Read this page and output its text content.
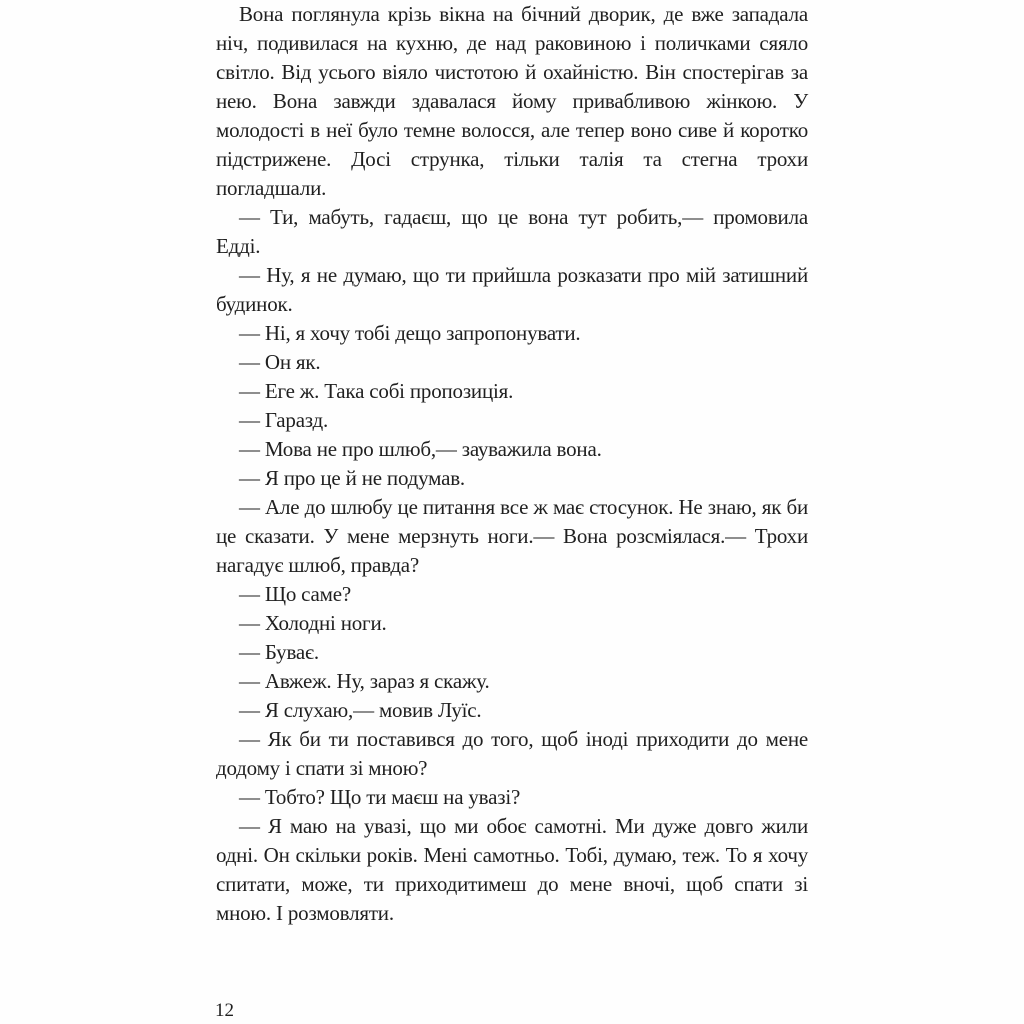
Вона поглянула крізь вікна на бічний дворик, де вже западала ніч, подивилася на кухню, де над раковиною і поличками сяяло світло. Від усього віяло чистотою й охайністю. Він спостерігав за нею. Вона завжди здавалася йому привабливою жінкою. У молодості в неї було темне волосся, але тепер воно сиве й коротко підстрижене. Досі струнка, тільки талія та стегна трохи погладшали.

— Ти, мабуть, гадаєш, що це вона тут робить,— промовила Едді.

— Ну, я не думаю, що ти прийшла розказати про мій затишний будинок.

— Ні, я хочу тобі дещо запропонувати.

— Он як.

— Еге ж. Така собі пропозиція.

— Гаразд.

— Мова не про шлюб,— зауважила вона.

— Я про це й не подумав.

— Але до шлюбу це питання все ж має стосунок. Не знаю, як би це сказати. У мене мерзнуть ноги.— Вона розсміялася.— Трохи нагадує шлюб, правда?

— Що саме?

— Холодні ноги.

— Буває.

— Авжеж. Ну, зараз я скажу.

— Я слухаю,— мовив Луїс.

— Як би ти поставився до того, щоб іноді приходити до мене додому і спати зі мною?

— Тобто? Що ти маєш на увазі?

— Я маю на увазі, що ми обоє самотні. Ми дуже довго жили одні. Он скільки років. Мені самотньо. Тобі, думаю, теж. То я хочу спитати, може, ти приходитимеш до мене вночі, щоб спати зі мною. І розмовляти.

12
